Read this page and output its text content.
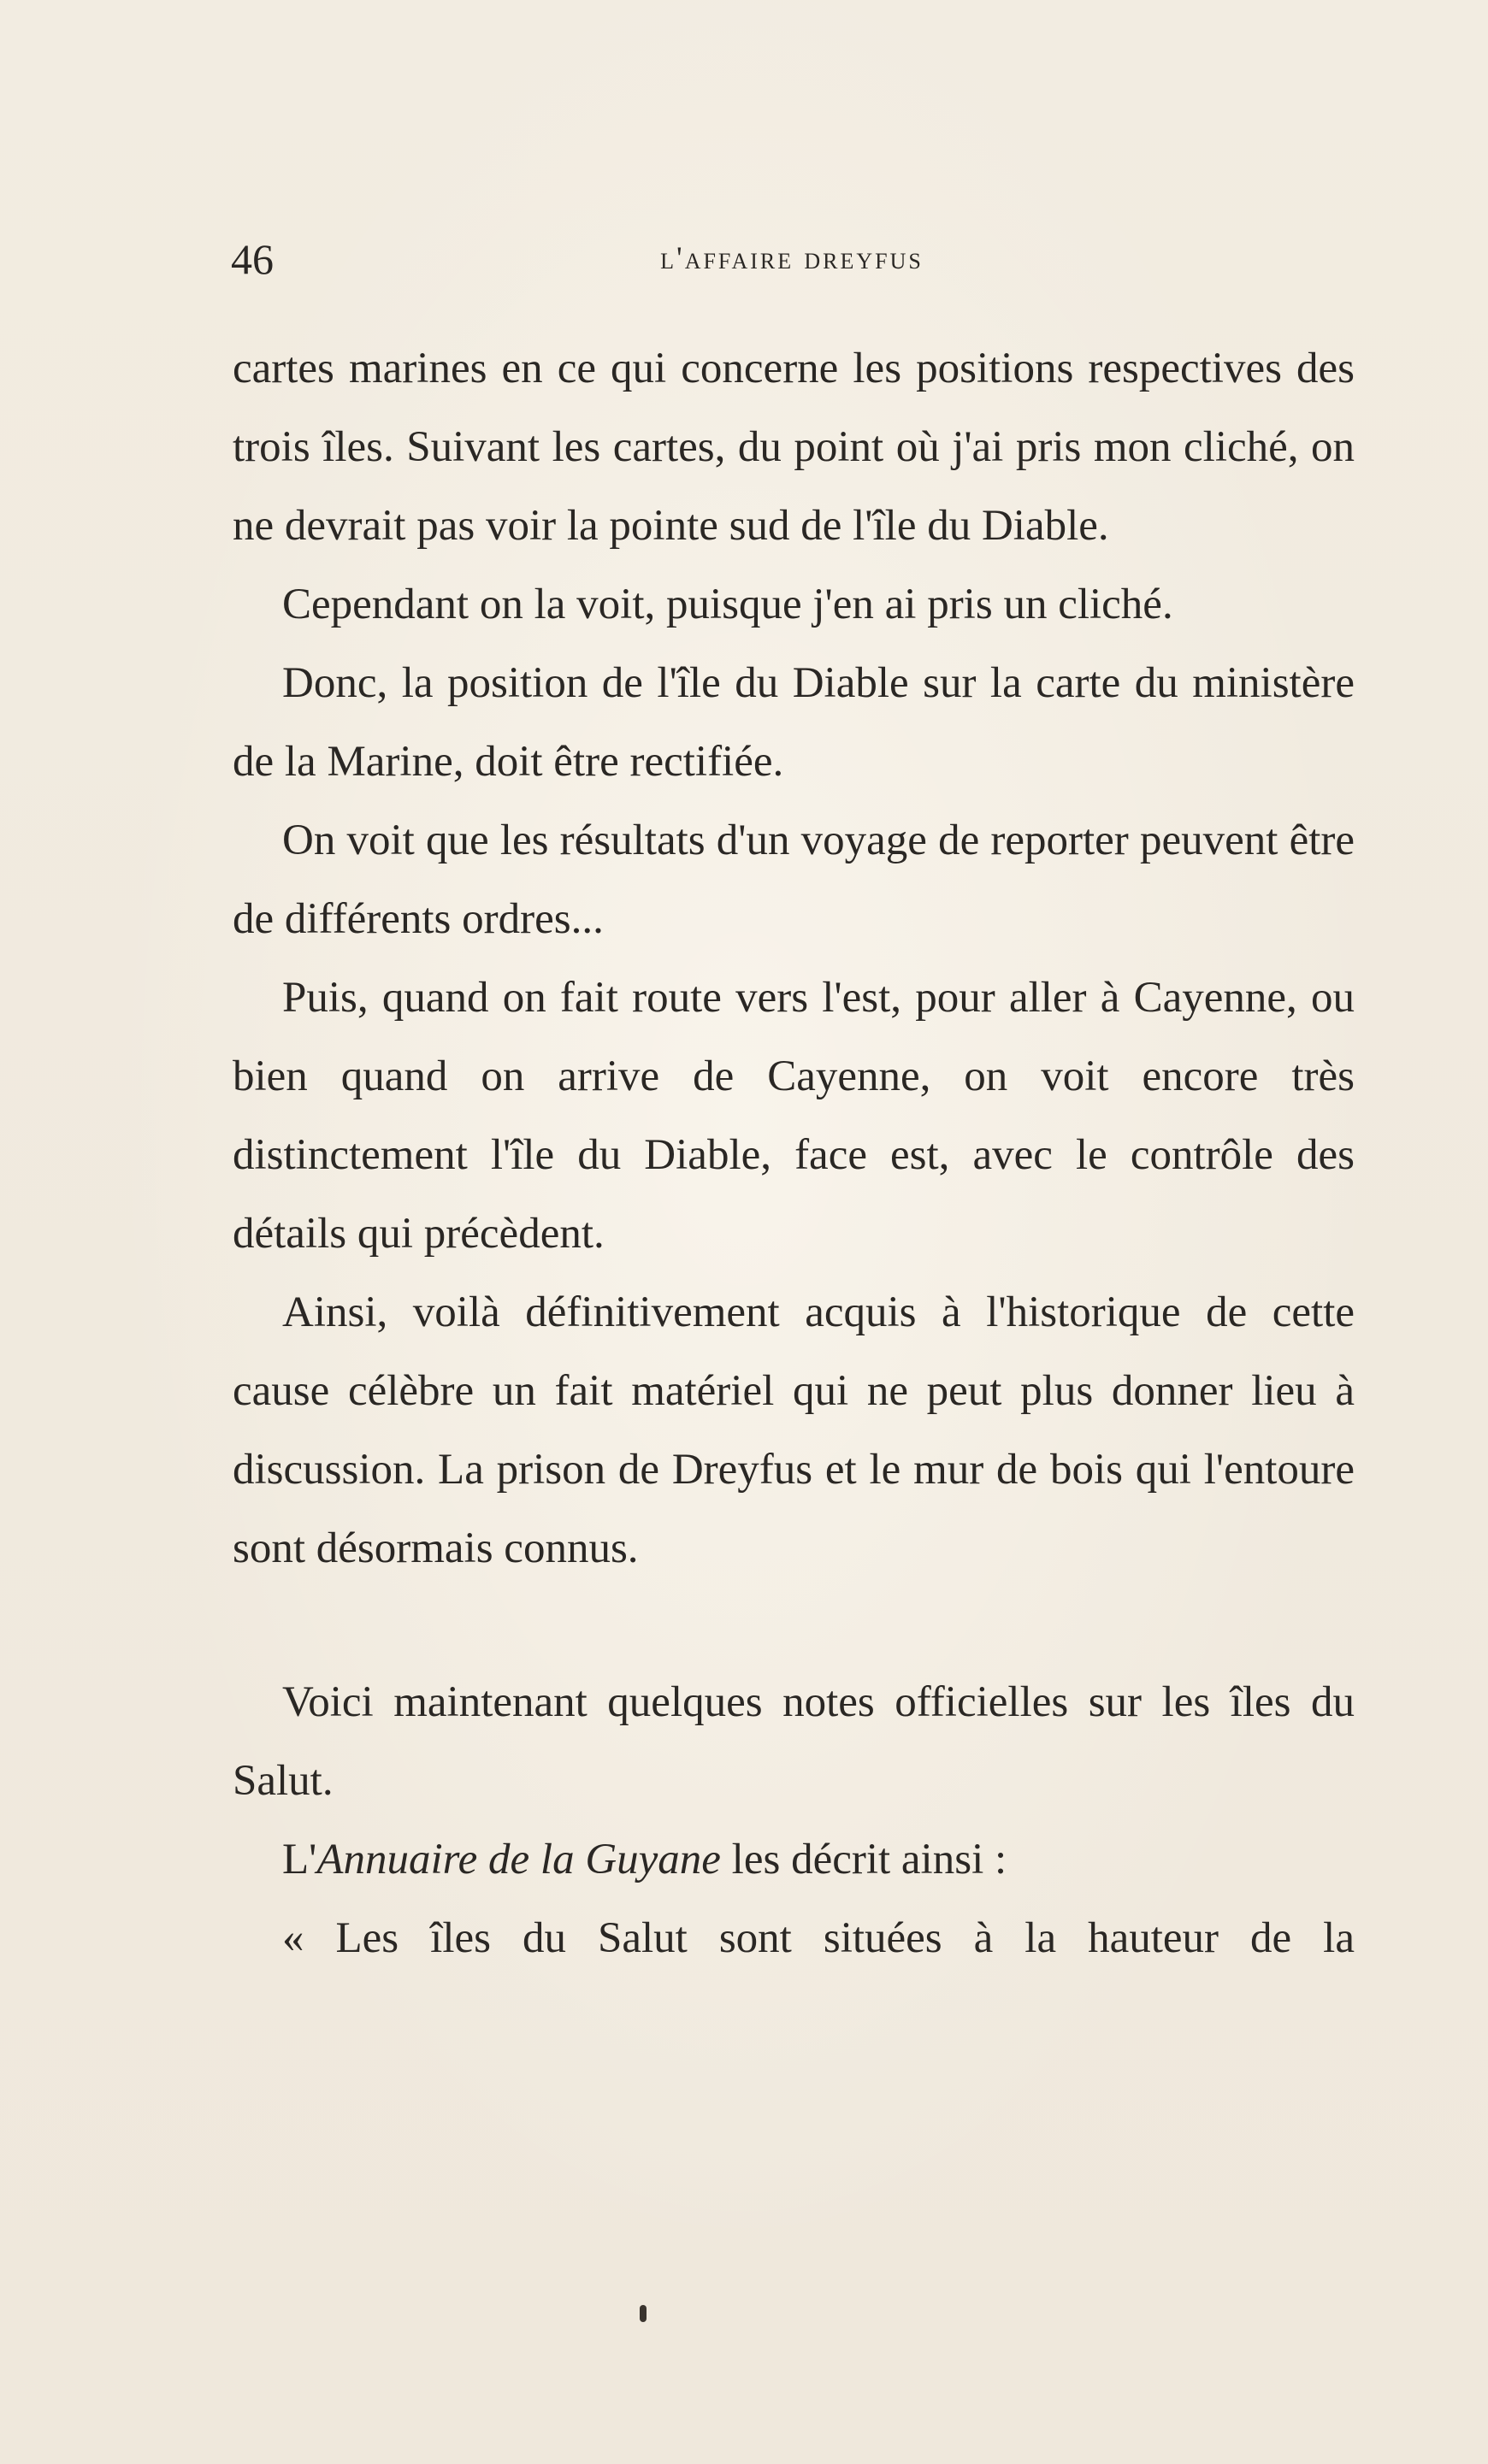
46	l'affaire dreyfus

cartes marines en ce qui concerne les positions respectives des trois îles. Suivant les cartes, du point où j'ai pris mon cliché, on ne devrait pas voir la pointe sud de l'île du Diable.

Cependant on la voit, puisque j'en ai pris un cliché.

Donc, la position de l'île du Diable sur la carte du ministère de la Marine, doit être rectifiée.

On voit que les résultats d'un voyage de reporter peuvent être de différents ordres...

Puis, quand on fait route vers l'est, pour aller à Cayenne, ou bien quand on arrive de Cayenne, on voit encore très distinctement l'île du Diable, face est, avec le contrôle des détails qui précèdent.

Ainsi, voilà définitivement acquis à l'historique de cette cause célèbre un fait matériel qui ne peut plus donner lieu à discussion. La prison de Dreyfus et le mur de bois qui l'entoure sont désormais connus.

Voici maintenant quelques notes officielles sur les îles du Salut.

L'Annuaire de la Guyane les décrit ainsi :

« Les îles du Salut sont situées à la hauteur de la
